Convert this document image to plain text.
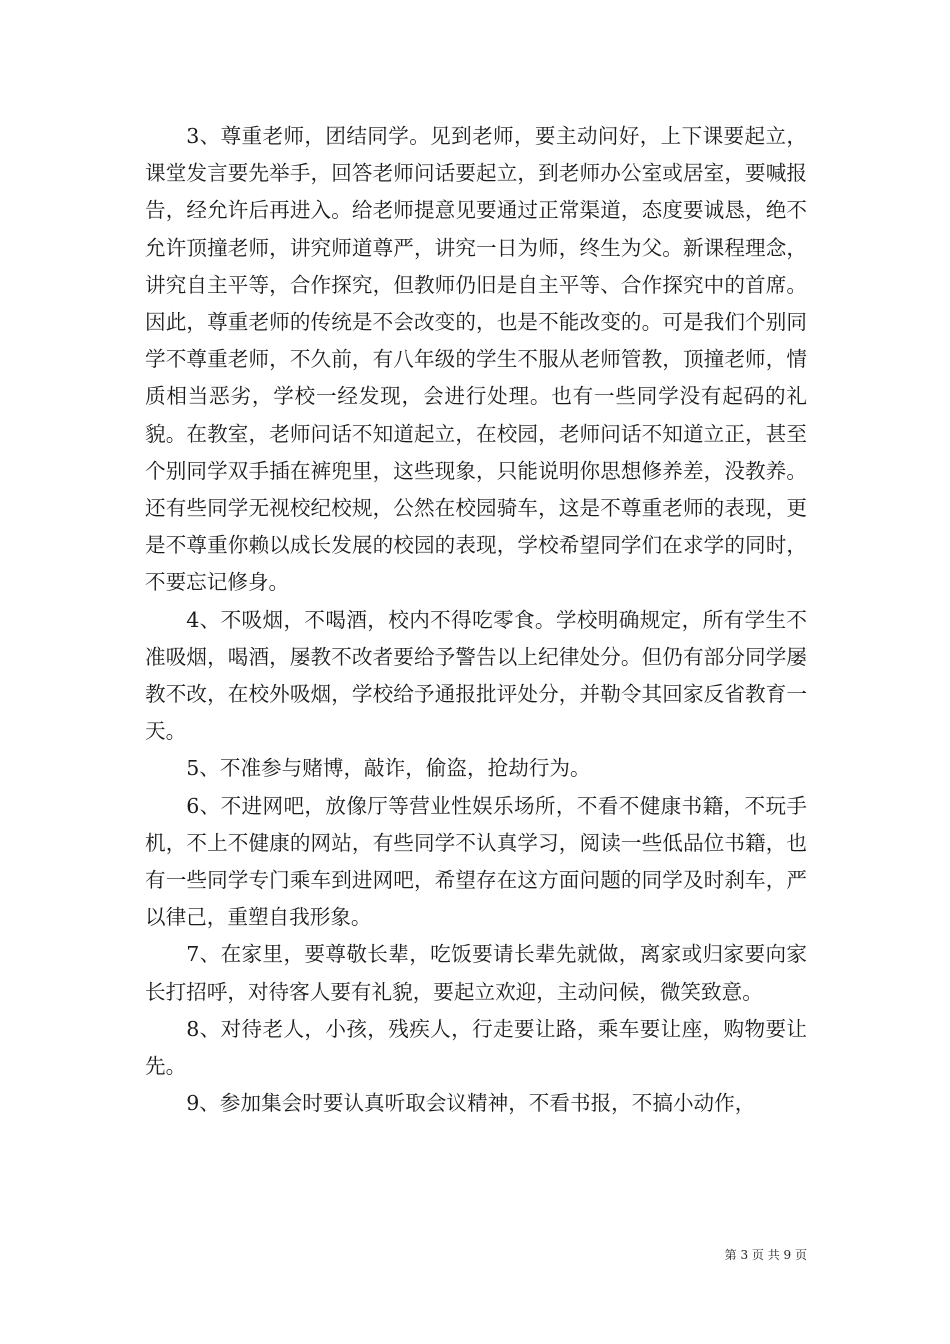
3、尊重老师，团结同学。见到老师，要主动问好，上下课要起立，课堂发言要先举手，回答老师问话要起立，到老师办公室或居室，要喊报告，经允许后再进入。给老师提意见要通过正常渠道，态度要诚恳，绝不允许顶撞老师，讲究师道尊严，讲究一日为师，终生为父。新课程理念，讲究自主平等，合作探究，但教师仍旧是自主平等、合作探究中的首席。因此，尊重老师的传统是不会改变的，也是不能改变的。可是我们个别同学不尊重老师，不久前，有八年级的学生不服从老师管教，顶撞老师，情质相当恶劣，学校一经发现，会进行处理。也有一些同学没有起码的礼貌。在教室，老师问话不知道起立，在校园，老师问话不知道立正，甚至个别同学双手插在裤兜里，这些现象，只能说明你思想修养差，没教养。还有些同学无视校纪校规，公然在校园骑车，这是不尊重老师的表现，更是不尊重你赖以成长发展的校园的表现，学校希望同学们在求学的同时，不要忘记修身。

4、不吸烟，不喝酒，校内不得吃零食。学校明确规定，所有学生不准吸烟，喝酒，屡教不改者要给予警告以上纪律处分。但仍有部分同学屡教不改，在校外吸烟，学校给予通报批评处分，并勒令其回家反省教育一天。

5、不准参与赌博，敲诈，偷盗，抢劫行为。

6、不进网吧，放像厅等营业性娱乐场所，不看不健康书籍，不玩手机，不上不健康的网站，有些同学不认真学习，阅读一些低品位书籍，也有一些同学专门乘车到进网吧，希望存在这方面问题的同学及时刹车，严以律己，重塑自我形象。

7、在家里，要尊敬长辈，吃饭要请长辈先就做，离家或归家要向家长打招呼，对待客人要有礼貌，要起立欢迎，主动问候，微笑致意。

8、对待老人，小孩，残疾人，行走要让路，乘车要让座，购物要让先。

9、参加集会时要认真听取会议精神，不看书报，不搞小动作，

第 3 页 共 9 页
